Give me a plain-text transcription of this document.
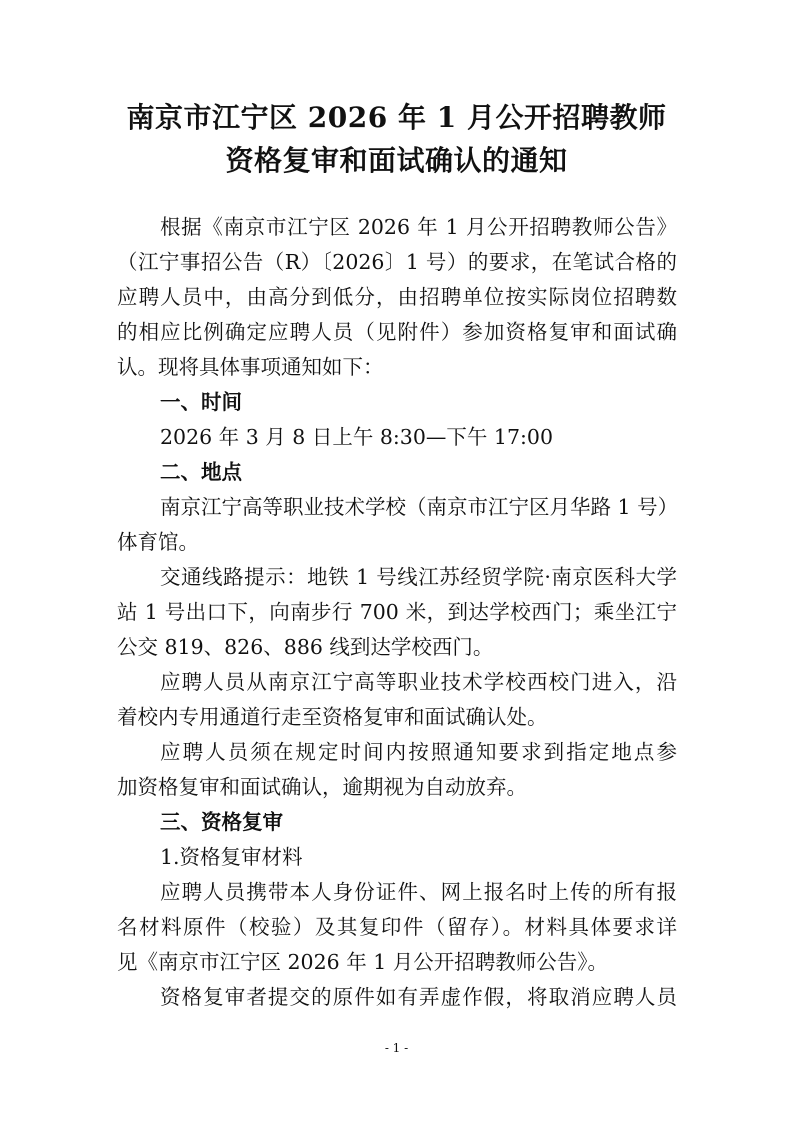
南京市江宁区 2026 年 1 月公开招聘教师
资格复审和面试确认的通知
根据《南京市江宁区 2026 年 1 月公开招聘教师公告》
（江宁事招公告（R）〔2026〕1 号）的要求，在笔试合格的
应聘人员中，由高分到低分，由招聘单位按实际岗位招聘数
的相应比例确定应聘人员（见附件）参加资格复审和面试确
认。现将具体事项通知如下：
一、时间
2026 年 3 月 8 日上午 8:30—下午 17:00
二、地点
南京江宁高等职业技术学校（南京市江宁区月华路 1 号）
体育馆。
交通线路提示：地铁 1 号线江苏经贸学院·南京医科大学
站 1 号出口下，向南步行 700 米，到达学校西门；乘坐江宁
公交 819、826、886 线到达学校西门。
应聘人员从南京江宁高等职业技术学校西校门进入，沿
着校内专用通道行走至资格复审和面试确认处。
应聘人员须在规定时间内按照通知要求到指定地点参
加资格复审和面试确认，逾期视为自动放弃。
三、资格复审
1.资格复审材料
应聘人员携带本人身份证件、网上报名时上传的所有报
名材料原件（校验）及其复印件（留存）。材料具体要求详
见《南京市江宁区 2026 年 1 月公开招聘教师公告》。
资格复审者提交的原件如有弄虚作假，将取消应聘人员
- 1 -
